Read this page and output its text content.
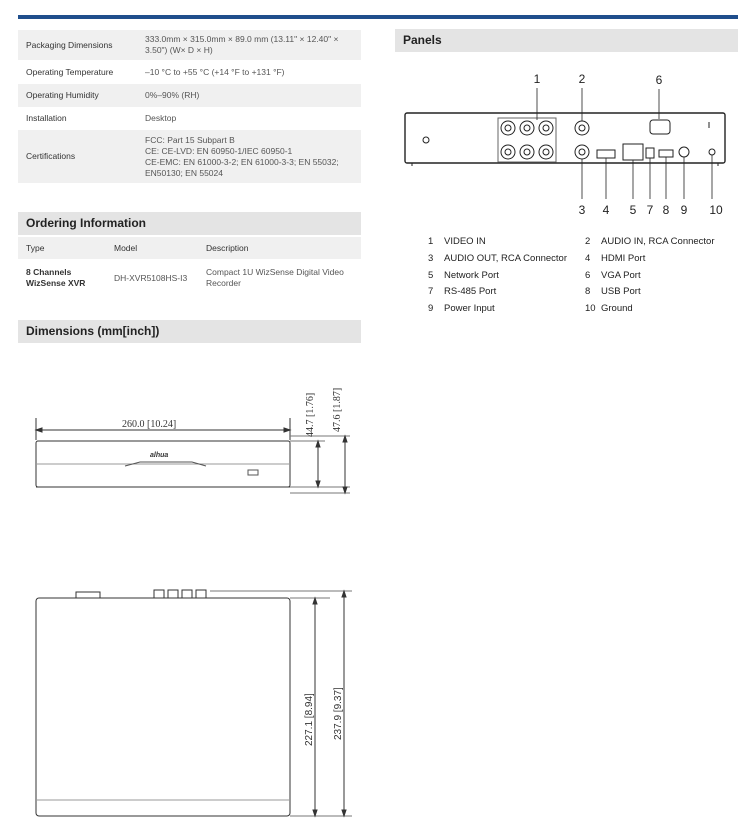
Packaging Dimensions	333.0mm × 315.0mm × 89.0 mm (13.11" × 12.40" × 3.50") (W× D × H)
Operating Temperature	–10 °C to +55 °C (+14 °F to +131 °F)
Operating Humidity	0%–90% (RH)
Installation	Desktop
Certifications	FCC: Part 15 Subpart B
CE: CE-LVD: EN 60950-1/IEC 60950-1
CE-EMC: EN 61000-3-2; EN 61000-3-3; EN 55032; EN50130; EN 55024
Ordering Information
Type	Model	Description
8 Channels WizSense XVR	DH-XVR5108HS-I3	Compact 1U WizSense Digital Video Recorder
Dimensions (mm[inch])
Panels
260.0 [10.24]
alhua
44.7 [1.76] 47.6 [1.87]
227.1 [8.94] 237.9 [9.37]
1	2	6
3	4	5 7 8 9	10
1 VIDEO IN	2 AUDIO IN, RCA Connector
3 AUDIO OUT, RCA Connector 4 HDMI Port
5 Network Port	6 VGA Port
7 RS-485 Port	8 USB Port
9 Power Input	10 Ground
